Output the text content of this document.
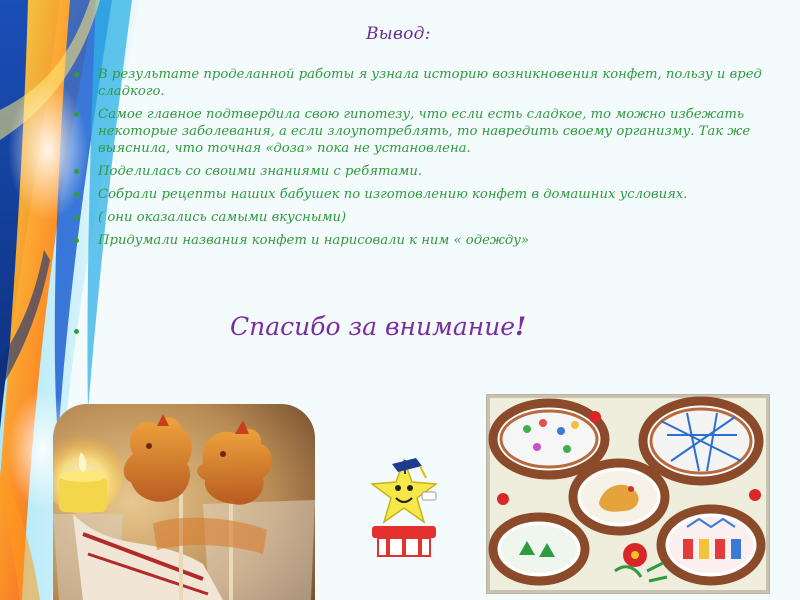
Вывод:
В результате проделанной работы я узнала историю возникновения конфет, пользу и вред сладкого.
Самое главное подтвердила свою гипотезу, что если есть сладкое, то можно избежать некоторые заболевания, а если злоупотреблять, то навредить своему организму. Так же выяснила, что точная «доза» пока не установлена.
Поделилась со своими знаниями с ребятами.
Собрали рецепты наших бабушек по изготовлению конфет в домашних условиях.
( они оказались самыми вкусными)
Придумали названия конфет и нарисовали к ним « одежду»
Спасибо за внимание!
